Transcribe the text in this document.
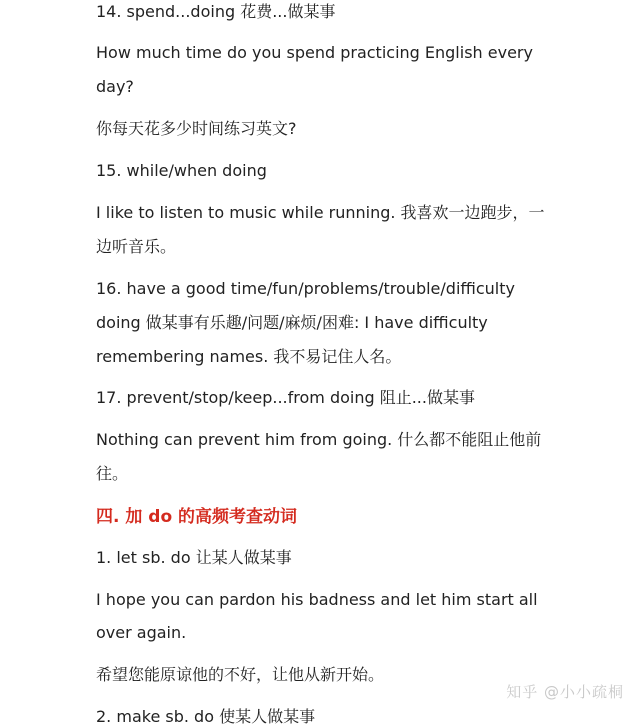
14. spend...doing 花费...做某事
How much time do you spend practicing English every
day?
你每天花多少时间练习英文?
15. while/when doing
I like to listen to music while running. 我喜欢一边跑步，一
边听音乐。
16. have a good time/fun/problems/trouble/difficulty
doing 做某事有乐趣/问题/麻烦/困难: I have difficulty
remembering names. 我不易记住人名。
17. prevent/stop/keep...from doing 阻止...做某事
Nothing can prevent him from going. 什么都不能阻止他前
往。
四. 加 do 的高频考查动词
1. let sb. do 让某人做某事
I hope you can pardon his badness and let him start all
over again.
希望您能原谅他的不好，让他从新开始。
2. make sb. do 使某人做某事
知乎 @小小疏桐
